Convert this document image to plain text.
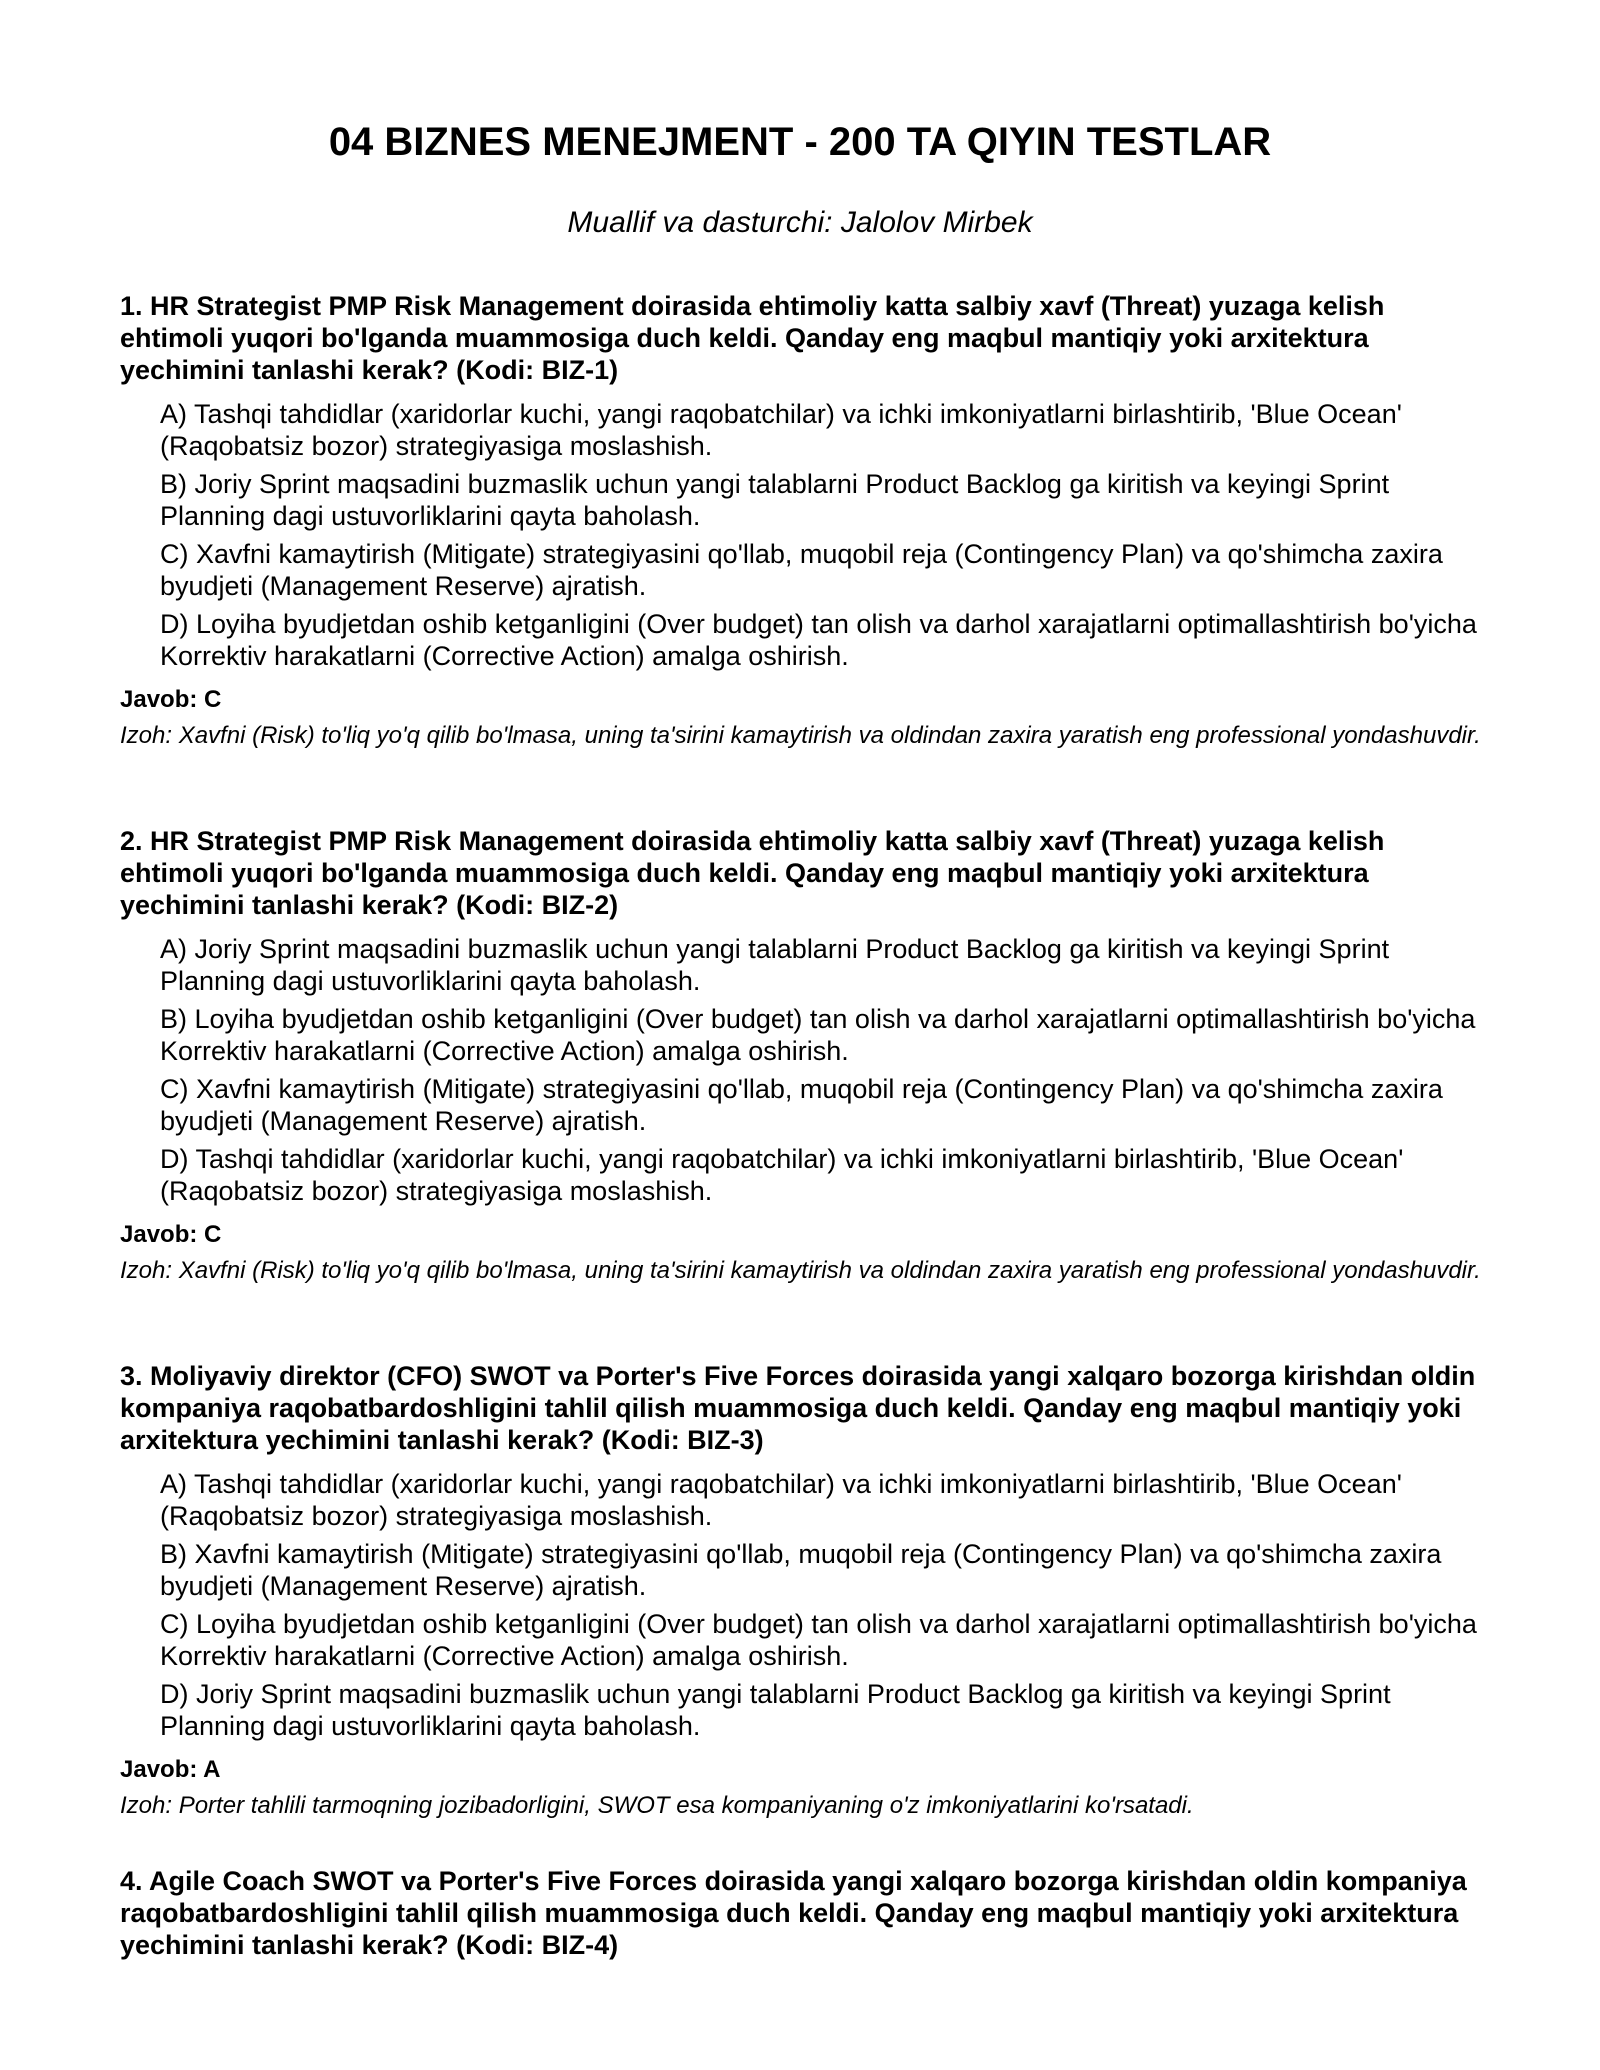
04 BIZNES MENEJMENT - 200 TA QIYIN TESTLAR
Muallif va dasturchi: Jalolov Mirbek
1. HR Strategist PMP Risk Management doirasida ehtimoliy katta salbiy xavf (Threat) yuzaga kelish ehtimoli yuqori bo'lganda muammosiga duch keldi. Qanday eng maqbul mantiqiy yoki arxitektura yechimini tanlashi kerak? (Kodi: BIZ-1)
A) Tashqi tahdidlar (xaridorlar kuchi, yangi raqobatchilar) va ichki imkoniyatlarni birlashtirib, 'Blue Ocean' (Raqobatsiz bozor) strategiyasiga moslashish.
B) Joriy Sprint maqsadini buzmaslik uchun yangi talablarni Product Backlog ga kiritish va keyingi Sprint Planning dagi ustuvorliklarini qayta baholash.
C) Xavfni kamaytirish (Mitigate) strategiyasini qo'llab, muqobil reja (Contingency Plan) va qo'shimcha zaxira byudjeti (Management Reserve) ajratish.
D) Loyiha byudjetdan oshib ketganligini (Over budget) tan olish va darhol xarajatlarni optimallashtirish bo'yicha Korrektiv harakatlarni (Corrective Action) amalga oshirish.
Javob: C
Izoh: Xavfni (Risk) to'liq yo'q qilib bo'lmasa, uning ta'sirini kamaytirish va oldindan zaxira yaratish eng professional yondashuvdir.
2. HR Strategist PMP Risk Management doirasida ehtimoliy katta salbiy xavf (Threat) yuzaga kelish ehtimoli yuqori bo'lganda muammosiga duch keldi. Qanday eng maqbul mantiqiy yoki arxitektura yechimini tanlashi kerak? (Kodi: BIZ-2)
A) Joriy Sprint maqsadini buzmaslik uchun yangi talablarni Product Backlog ga kiritish va keyingi Sprint Planning dagi ustuvorliklarini qayta baholash.
B) Loyiha byudjetdan oshib ketganligini (Over budget) tan olish va darhol xarajatlarni optimallashtirish bo'yicha Korrektiv harakatlarni (Corrective Action) amalga oshirish.
C) Xavfni kamaytirish (Mitigate) strategiyasini qo'llab, muqobil reja (Contingency Plan) va qo'shimcha zaxira byudjeti (Management Reserve) ajratish.
D) Tashqi tahdidlar (xaridorlar kuchi, yangi raqobatchilar) va ichki imkoniyatlarni birlashtirib, 'Blue Ocean' (Raqobatsiz bozor) strategiyasiga moslashish.
Javob: C
Izoh: Xavfni (Risk) to'liq yo'q qilib bo'lmasa, uning ta'sirini kamaytirish va oldindan zaxira yaratish eng professional yondashuvdir.
3. Moliyaviy direktor (CFO) SWOT va Porter's Five Forces doirasida yangi xalqaro bozorga kirishdan oldin kompaniya raqobatbardoshligini tahlil qilish muammosiga duch keldi. Qanday eng maqbul mantiqiy yoki arxitektura yechimini tanlashi kerak? (Kodi: BIZ-3)
A) Tashqi tahdidlar (xaridorlar kuchi, yangi raqobatchilar) va ichki imkoniyatlarni birlashtirib, 'Blue Ocean' (Raqobatsiz bozor) strategiyasiga moslashish.
B) Xavfni kamaytirish (Mitigate) strategiyasini qo'llab, muqobil reja (Contingency Plan) va qo'shimcha zaxira byudjeti (Management Reserve) ajratish.
C) Loyiha byudjetdan oshib ketganligini (Over budget) tan olish va darhol xarajatlarni optimallashtirish bo'yicha Korrektiv harakatlarni (Corrective Action) amalga oshirish.
D) Joriy Sprint maqsadini buzmaslik uchun yangi talablarni Product Backlog ga kiritish va keyingi Sprint Planning dagi ustuvorliklarini qayta baholash.
Javob: A
Izoh: Porter tahlili tarmoqning jozibadorligini, SWOT esa kompaniyaning o'z imkoniyatlarini ko'rsatadi.
4. Agile Coach SWOT va Porter's Five Forces doirasida yangi xalqaro bozorga kirishdan oldin kompaniya raqobatbardoshligini tahlil qilish muammosiga duch keldi. Qanday eng maqbul mantiqiy yoki arxitektura yechimini tanlashi kerak? (Kodi: BIZ-4)
